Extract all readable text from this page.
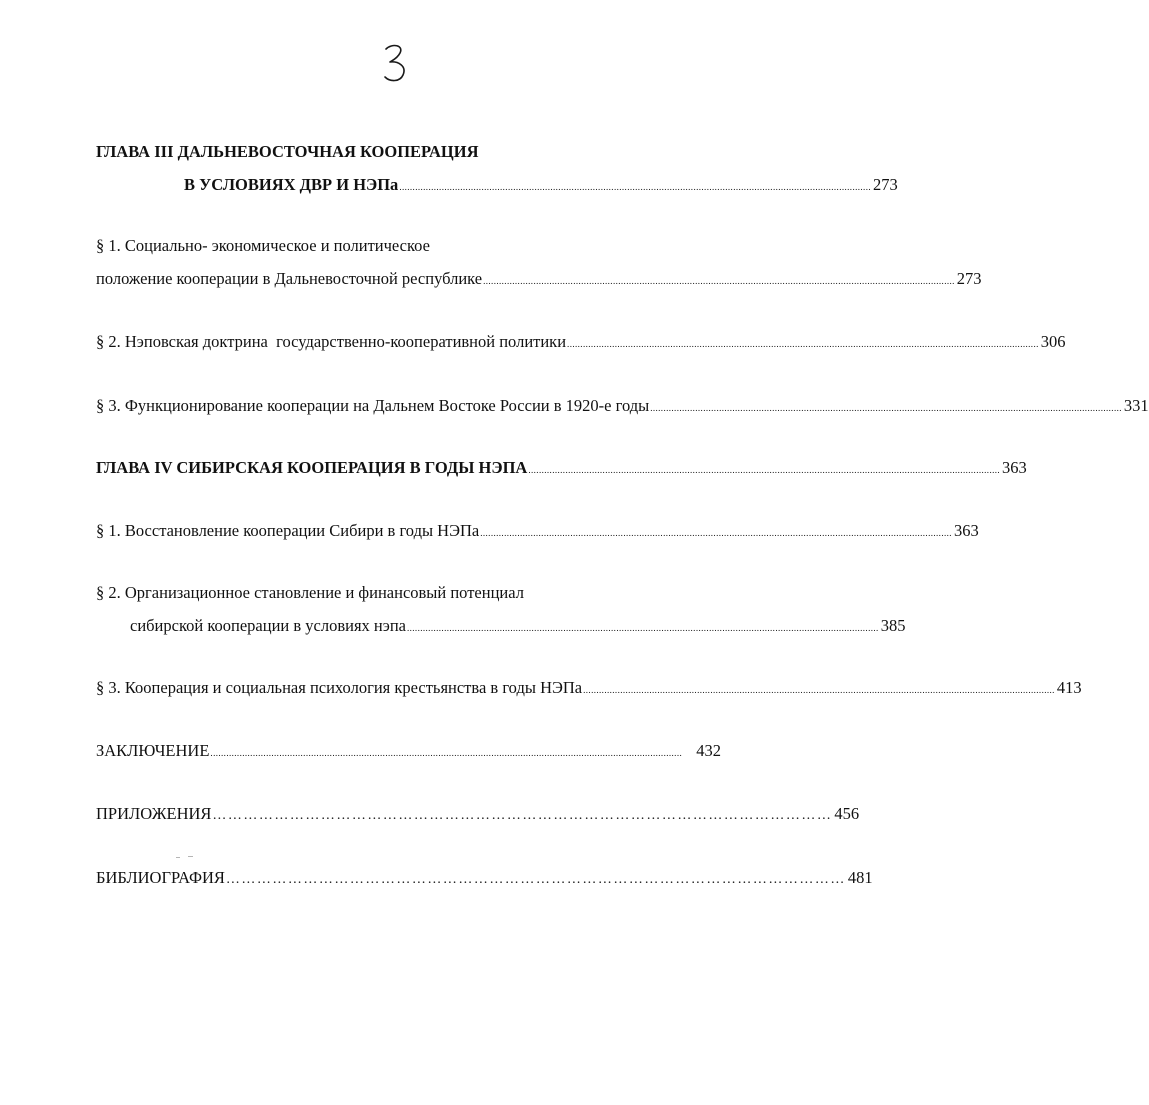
ГЛАВА III ДАЛЬНЕВОСТОЧНАЯ КООПЕРАЦИЯ
В УСЛОВИЯХ ДВР И НЭПа .................................................................................................................................................................................. 273
§ 1. Социально- экономическое и политическое
положение кооперации в Дальневосточной республике .................................................................................................................................................................................. 273
§ 2. Нэповская доктрина  государственно-кооперативной политики .................................................................................................................................................................................. 306
§ 3. Функционирование кооперации на Дальнем Востоке России в 1920-е годы .................................................................................................................................................................................. 331
ГЛАВА IV СИБИРСКАЯ КООПЕРАЦИЯ В ГОДЫ НЭПА .................................................................................................................................................................................. 363
§ 1. Восстановление кооперации Сибири в годы НЭПа .................................................................................................................................................................................. 363
§ 2. Организационное становление и финансовый потенциал
сибирской кооперации в условиях нэпа .................................................................................................................................................................................. 385
§ 3. Кооперация и социальная психология крестьянства в годы НЭПа .................................................................................................................................................................................. 413
ЗАКЛЮЧЕНИЕ .................................................................................................................................................................................. 432
ПРИЛОЖЕНИЯ ………………………………………………………………………………………………………… 456
БИБЛИОГРАФИЯ ………………………………………………………………………………………………………… 481
